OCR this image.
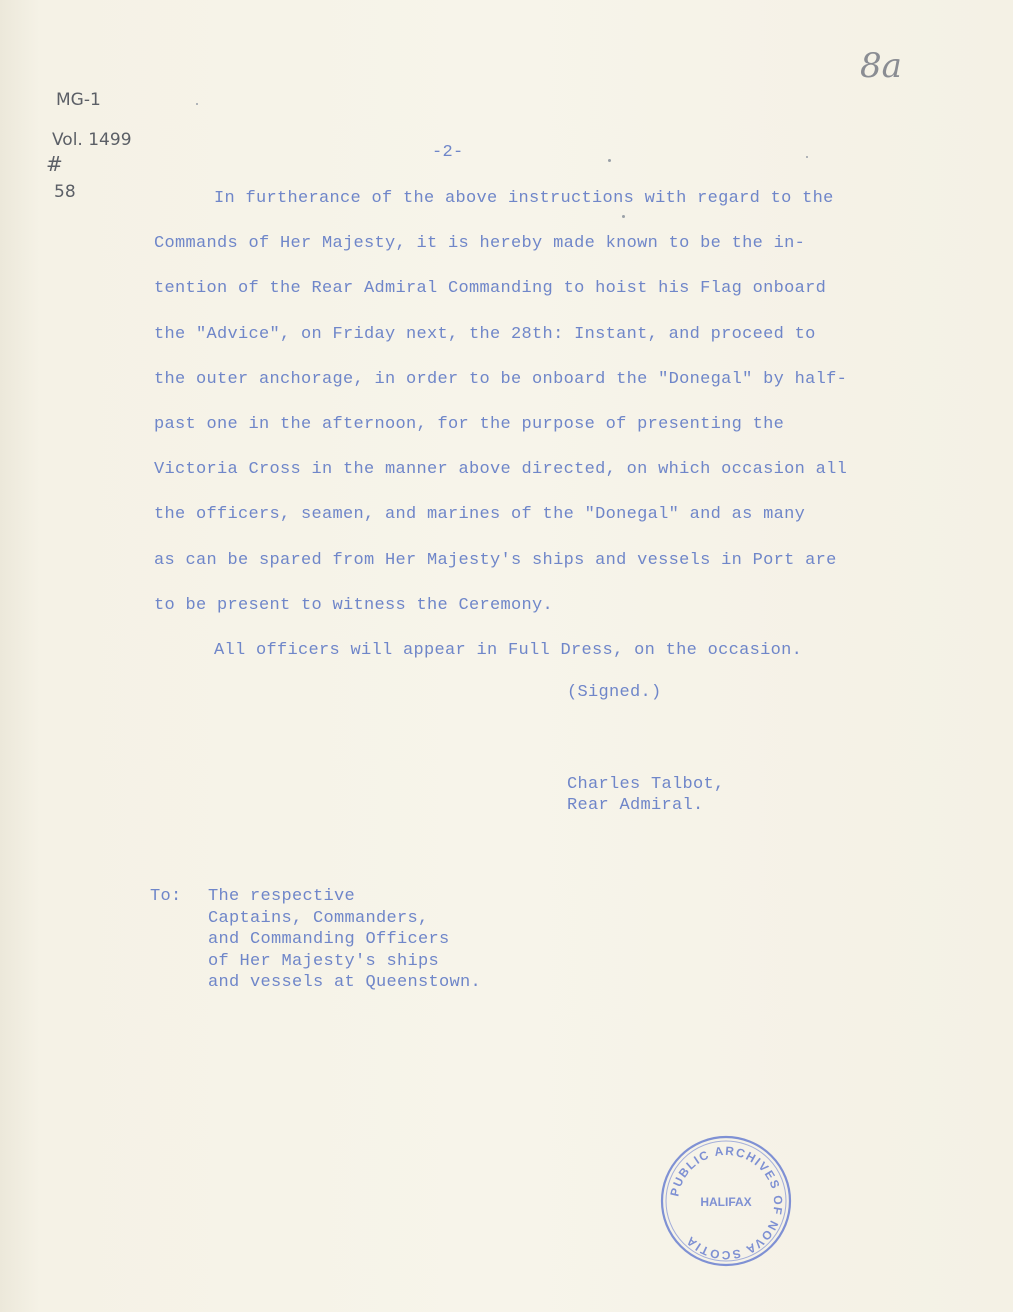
MG-1
Vol. 1499
#
58
8a
-2-
In furtherance of the above instructions with regard to the
Commands of Her Majesty, it is hereby made known to be the in-
tention of the Rear Admiral Commanding to hoist his Flag onboard
the "Advice", on Friday next, the 28th: Instant, and proceed to
the outer anchorage, in order to be onboard the "Donegal" by half-
past one in the afternoon, for the purpose of presenting the
Victoria Cross in the manner above directed, on which occasion all
the officers, seamen, and marines of the "Donegal" and as many
as can be spared from Her Majesty's ships and vessels in Port are
to be present to witness the Ceremony.
All officers will appear in Full Dress, on the occasion.
(Signed.)
Charles Talbot,
Rear Admiral.
To:	The respective
Captains, Commanders,
and Commanding Officers
of Her Majesty's ships
and vessels at Queenstown.
PUBLIC ARCHIVES OF NOVA SCOTIA
HALIFAX
